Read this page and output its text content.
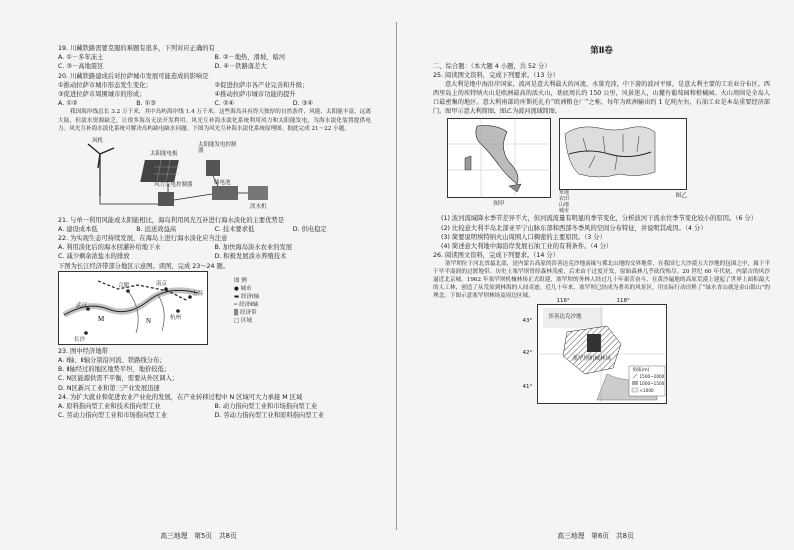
19. 川藏铁路需要克服的难题有很多，下列对应正确的有

A. ①－多年冻土	B. ②－地热、滑坡、暗河
C. ③－高地震区	D. ④－铁路落差大

20. 川藏铁路建成后对拉萨城市发展可能造成的影响是

①推动拉萨市城市形态发生变化；	②促进拉萨市各产业完善和升级；
③促进拉萨市周围城市的形成；	④推动拉萨市城市功能的提升
A. ①②	B. ①③	C. ②④	D. ③④

我国海岸线总长 3.2 万千米，其中岛屿海岸线 1.4 万千米。这些海岛具有得天独厚的自然条件，风能、太阳能丰富，远离大陆，但淡水资源缺乏，让很多海岛无法开发利用。风光互补海水淡化系统利用风力和太阳能发电，为海水淡化装置提供电力。风光互补海水淡化系统可解决岛屿缺电缺水问题。下图为风光互补海水淡化系统原理图。据此完成 21～22 小题。

风机
太阳能电板
太阳能发电控制器
风力发电控制器	储电池
淡水机

21. 与单一利用风能或太阳能相比，海岛利用风光互补进行海水淡化的主要优势是

A. 建设成本低	B. 远送效益高	C. 技术要求低	D. 供电稳定

22. 为实现生态可持续发展，在海岛上进行海水淡化应当注意

A. 利用淡化后的海水回灌补给地下水	B. 加快海岛淡水农业的发展
C. 减少剩余浓盐水的排放	D. 积极发展淡水养殖技术

下图为长江经济带部分地区示意图。读图，完成 23～24 题。

M	N
武汉
合肥	南京
上海
杭州
长沙
图 例
● 城市
▬ 经济Ⅰ轴
┅ 经济Ⅱ轴
▒ 经济带
□ 区域

23. 图中经济地带

A. Ⅰ轴、Ⅱ轴分别沿河流、铁路线分布；
B. Ⅱ轴经过的地区地势平坦、地价较低；
C. N区能源供需不平衡，需要从外区调入；
D. N区新兴工业和第三产业发展迅速

24. 为扩大就业和促进农业产业化的发展，在产业转移过程中 N 区域可大力承接 M 区域

A. 原料指向型工业和技术指向型工业	B. 动力指向型工业和市场指向型工业
C. 劳动力指向型工业和市场指向型工业	D. 劳动力指向型工业和原料指向型工业
高三地理　第5页　共8页
第Ⅱ卷

二、综合题：（本大题 4 小题，共 52 分）

25. 阅读图文资料，完成下列要求。（13 分）

意大利是地中海沿岸国家，波河是意大利最大的河流，水量充沛，中下游的波河平原，是意大利主要的工农业分布区。西西里岛上的埃特纳火山是欧洲最高的活火山，基底周长约 150 公里，风景迷人，山麓有葡萄园和柑橘园。火山周围是全岛人口最密集的地区。意大利南部的库斯托扎有“欧洲粮仓厂”之称，每年为欧洲输出约 1 亿吨左右，石油工业是本岛重要经济部门。图甲示意大利简图，图乙为波河流域简图。

图甲
草地
农田
山地
城市
图乙

(1) 波河流域降水季节差异不大，但河流流量有明显的季节变化，分析波河干流水位季节变化较小的原因。（6 分）

(2) 比较意大利半岛北部亚平宁山脉东部和西部冬季风的空间分布特征，并说明其成因。（4 分）

(3) 简要说明埃特纳火山周围人口稠密的主要原因。（3 分）

(4) 简述意大利地中海沿岸发展石油工业的有利条件。（4 分）

26. 阅读图文资料，完成下列要求。（14 分）

塞罕坝位于河北省最北部，是内蒙古高原的浑善达克沙地南缘与冀北山地的交界地带，在我国七大沙漠五大沙地的包围之中，属于半干旱半湿润的过渡地带。历史上塞罕坝曾经森林茂密，后来由于过度开发，原始森林几乎砍伐殆尽。20 世纪 60 年代初，内蒙古的风沙逼近北京城。1962 年塞罕坝机械林场正式组建，塞罕坝的务林人经过几十年艰苦奋斗，在黄沙遍地的高原荒漠上建起了世界上面积最大的人工林，创造了从荒原到林海的人间奇迹。近几十年来，塞罕坝已经成为著名的风景区，用实际行动诠释了“绿水青山就是金山银山”的理念。下图示意塞罕坝林场及周边区域。

116°	118°
43°
42°
41°
浑善达克沙地
塞罕坝机械林场
海拔(m)
1500~2000
1000~1500
<1000
高三地理　第6页　共8页
